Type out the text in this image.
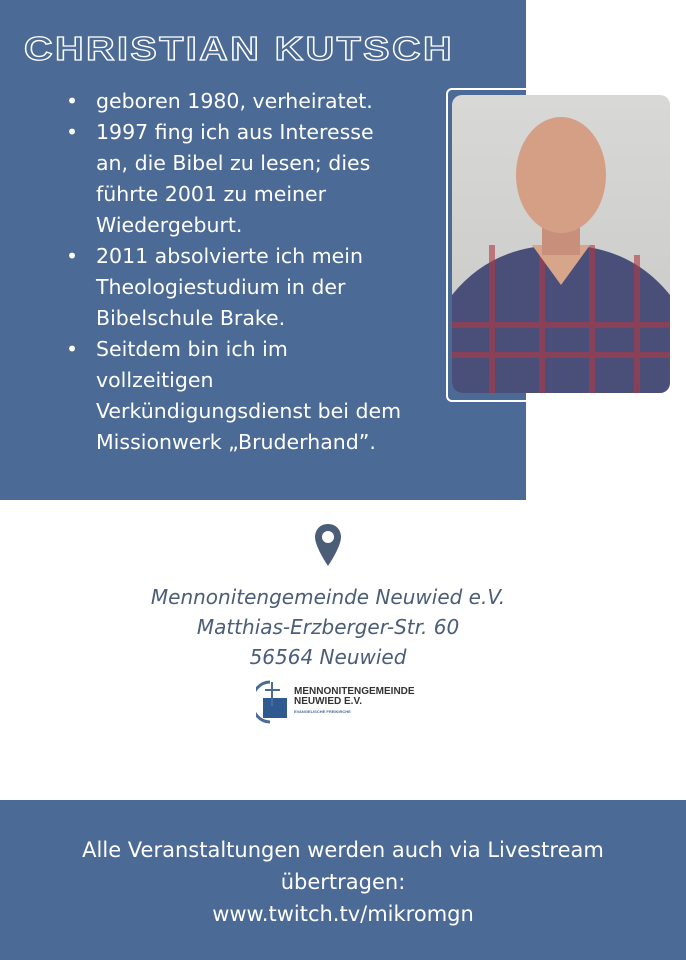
CHRISTIAN KUTSCH
• geboren 1980, verheiratet.
• 1997 fing ich aus Interesse an, die Bibel zu lesen; dies führte 2001 zu meiner Wiedergeburt.
• 2011 absolvierte ich mein Theologiestudium in der Bibelschule Brake.
• Seitdem bin ich im vollzeitigen Verkündigungsdienst bei dem Missionwerk „Bruderhand”.
Mennonitengemeinde Neuwied e.V.
Matthias-Erzberger-Str. 60
56564 Neuwied
MENNONITENGEMEINDE
NEUWIED E.V.
EVANGELISCHE FREIKIRCHE
Alle Veranstaltungen werden auch via Livestream
übertragen:
www.twitch.tv/mikromgn
